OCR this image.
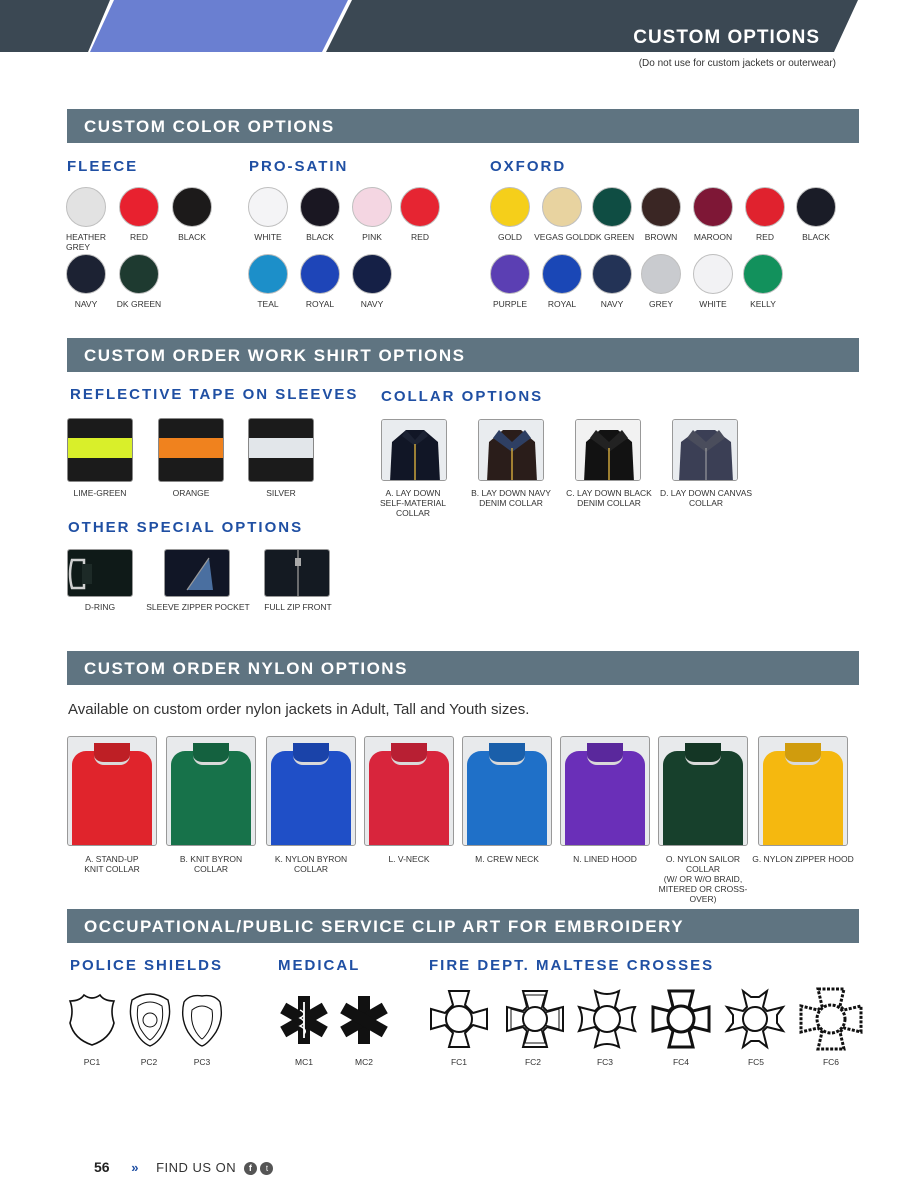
CUSTOM OPTIONS
(Do not use for custom jackets or outerwear)
CUSTOM COLOR OPTIONS
FLEECE	PRO-SATIN	OXFORD
HEATHER GREY
RED	BLACK
NAVY	DK GREEN
WHITE	BLACK	PINK	RED
TEAL	ROYAL	NAVY
GOLD	VEGAS GOLD DK GREEN	BROWN	MAROON	RED	BLACK
PURPLE	ROYAL	NAVY	GREY	WHITE	KELLY
CUSTOM ORDER WORK SHIRT OPTIONS
REFLECTIVE TAPE ON SLEEVES COLLAR OPTIONS
LIME-GREEN	ORANGE	SILVER	A. LAY DOWN
SELF-MATERIAL COLLAR
B. LAY DOWN NAVY
DENIM COLLAR
C. LAY DOWN BLACK
DENIM COLLAR
D. LAY DOWN CANVAS
COLLAR
OTHER SPECIAL OPTIONS
D-RING	SLEEVE ZIPPER POCKET	FULL ZIP FRONT
CUSTOM ORDER NYLON OPTIONS
Available on custom order nylon jackets in Adult, Tall and Youth sizes.
A. STAND-UP
KNIT COLLAR
B. KNIT BYRON
COLLAR
K. NYLON BYRON
COLLAR
L. V-NECK	M. CREW NECK	N. LINED HOOD	O. NYLON SAILOR COLLAR
(W/ OR W/O BRAID,
MITERED OR CROSS-OVER)
G. NYLON ZIPPER HOOD
OCCUPATIONAL/PUBLIC SERVICE CLIP ART FOR EMBROIDERY
POLICE SHIELDS	MEDICAL	FIRE DEPT. MALTESE CROSSES
PC1	PC2	PC3	MC1	MC2	FC1	FC2	FC3	FC4	FC5	FC6
56 » FIND US ON f t
